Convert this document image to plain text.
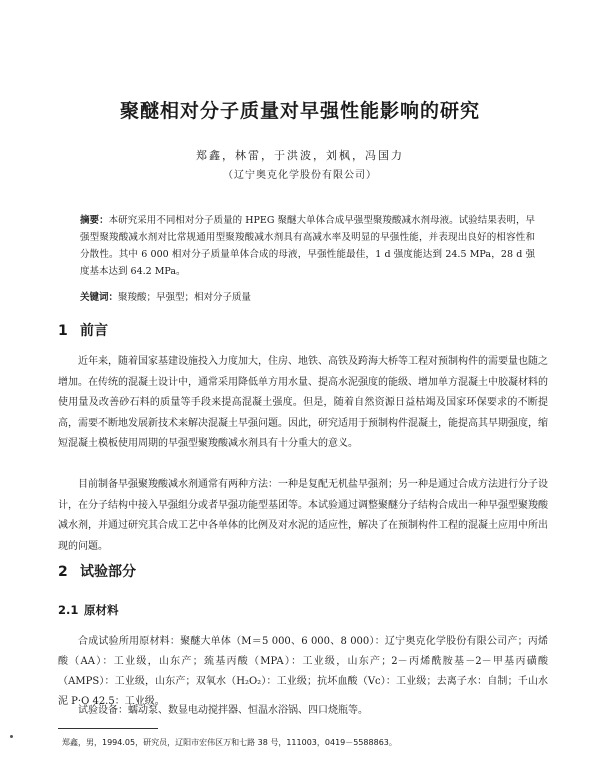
聚醚相对分子质量对早强性能影响的研究
郑鑫，林雷，于洪波，刘枫，冯国力
（辽宁奥克化学股份有限公司）
摘要：本研究采用不同相对分子质量的 HPEG 聚醚大单体合成早强型聚羧酸减水剂母液。试验结果表明，早强型聚羧酸减水剂对比常规通用型聚羧酸减水剂具有高减水率及明显的早强性能，并表现出良好的相容性和分散性。其中 6 000 相对分子质量单体合成的母液，早强性能最佳，1 d 强度能达到 24.5 MPa，28 d 强度基本达到 64.2 MPa。
关键词：聚羧酸；早强型；相对分子质量
1 前言
近年来，随着国家基建设施投入力度加大，住房、地铁、高铁及跨海大桥等工程对预制构件的需要量也随之增加。在传统的混凝土设计中，通常采用降低单方用水量、提高水泥强度的能级、增加单方混凝土中胶凝材料的使用量及改善砂石料的质量等手段来提高混凝土强度。但是，随着自然资源日益枯竭及国家环保要求的不断提高，需要不断地发展新技术来解决混凝土早强问题。因此，研究适用于预制构件混凝土，能提高其早期强度，缩短混凝土模板使用周期的早强型聚羧酸减水剂具有十分重大的意义。
目前制备早强聚羧酸减水剂通常有两种方法：一种是复配无机盐早强剂；另一种是通过合成方法进行分子设计，在分子结构中接入早强组分或者早强功能型基团等。本试验通过调整聚醚分子结构合成出一种早强型聚羧酸减水剂，并通过研究其合成工艺中各单体的比例及对水泥的适应性，解决了在预制构件工程的混凝土应用中所出现的问题。
2 试验部分
2.1 原材料
合成试验所用原材料：聚醚大单体（M＝5 000、6 000、8 000）：辽宁奥克化学股份有限公司产；丙烯酸（AA）：工业级，山东产；巯基丙酸（MPA）：工业级，山东产；2－丙烯酰胺基－2－甲基丙磺酸（AMPS）：工业级，山东产；双氧水（H₂O₂）：工业级；抗坏血酸（Vc）：工业级；去离子水：自制；千山水泥 P·O 42.5：工业级。
试验设备：蠕动泵、数显电动搅拌器、恒温水浴锅、四口烧瓶等。
郑鑫，男，1994.05，研究员，辽阳市宏伟区万和七路 38 号，111003，0419－5588863。
